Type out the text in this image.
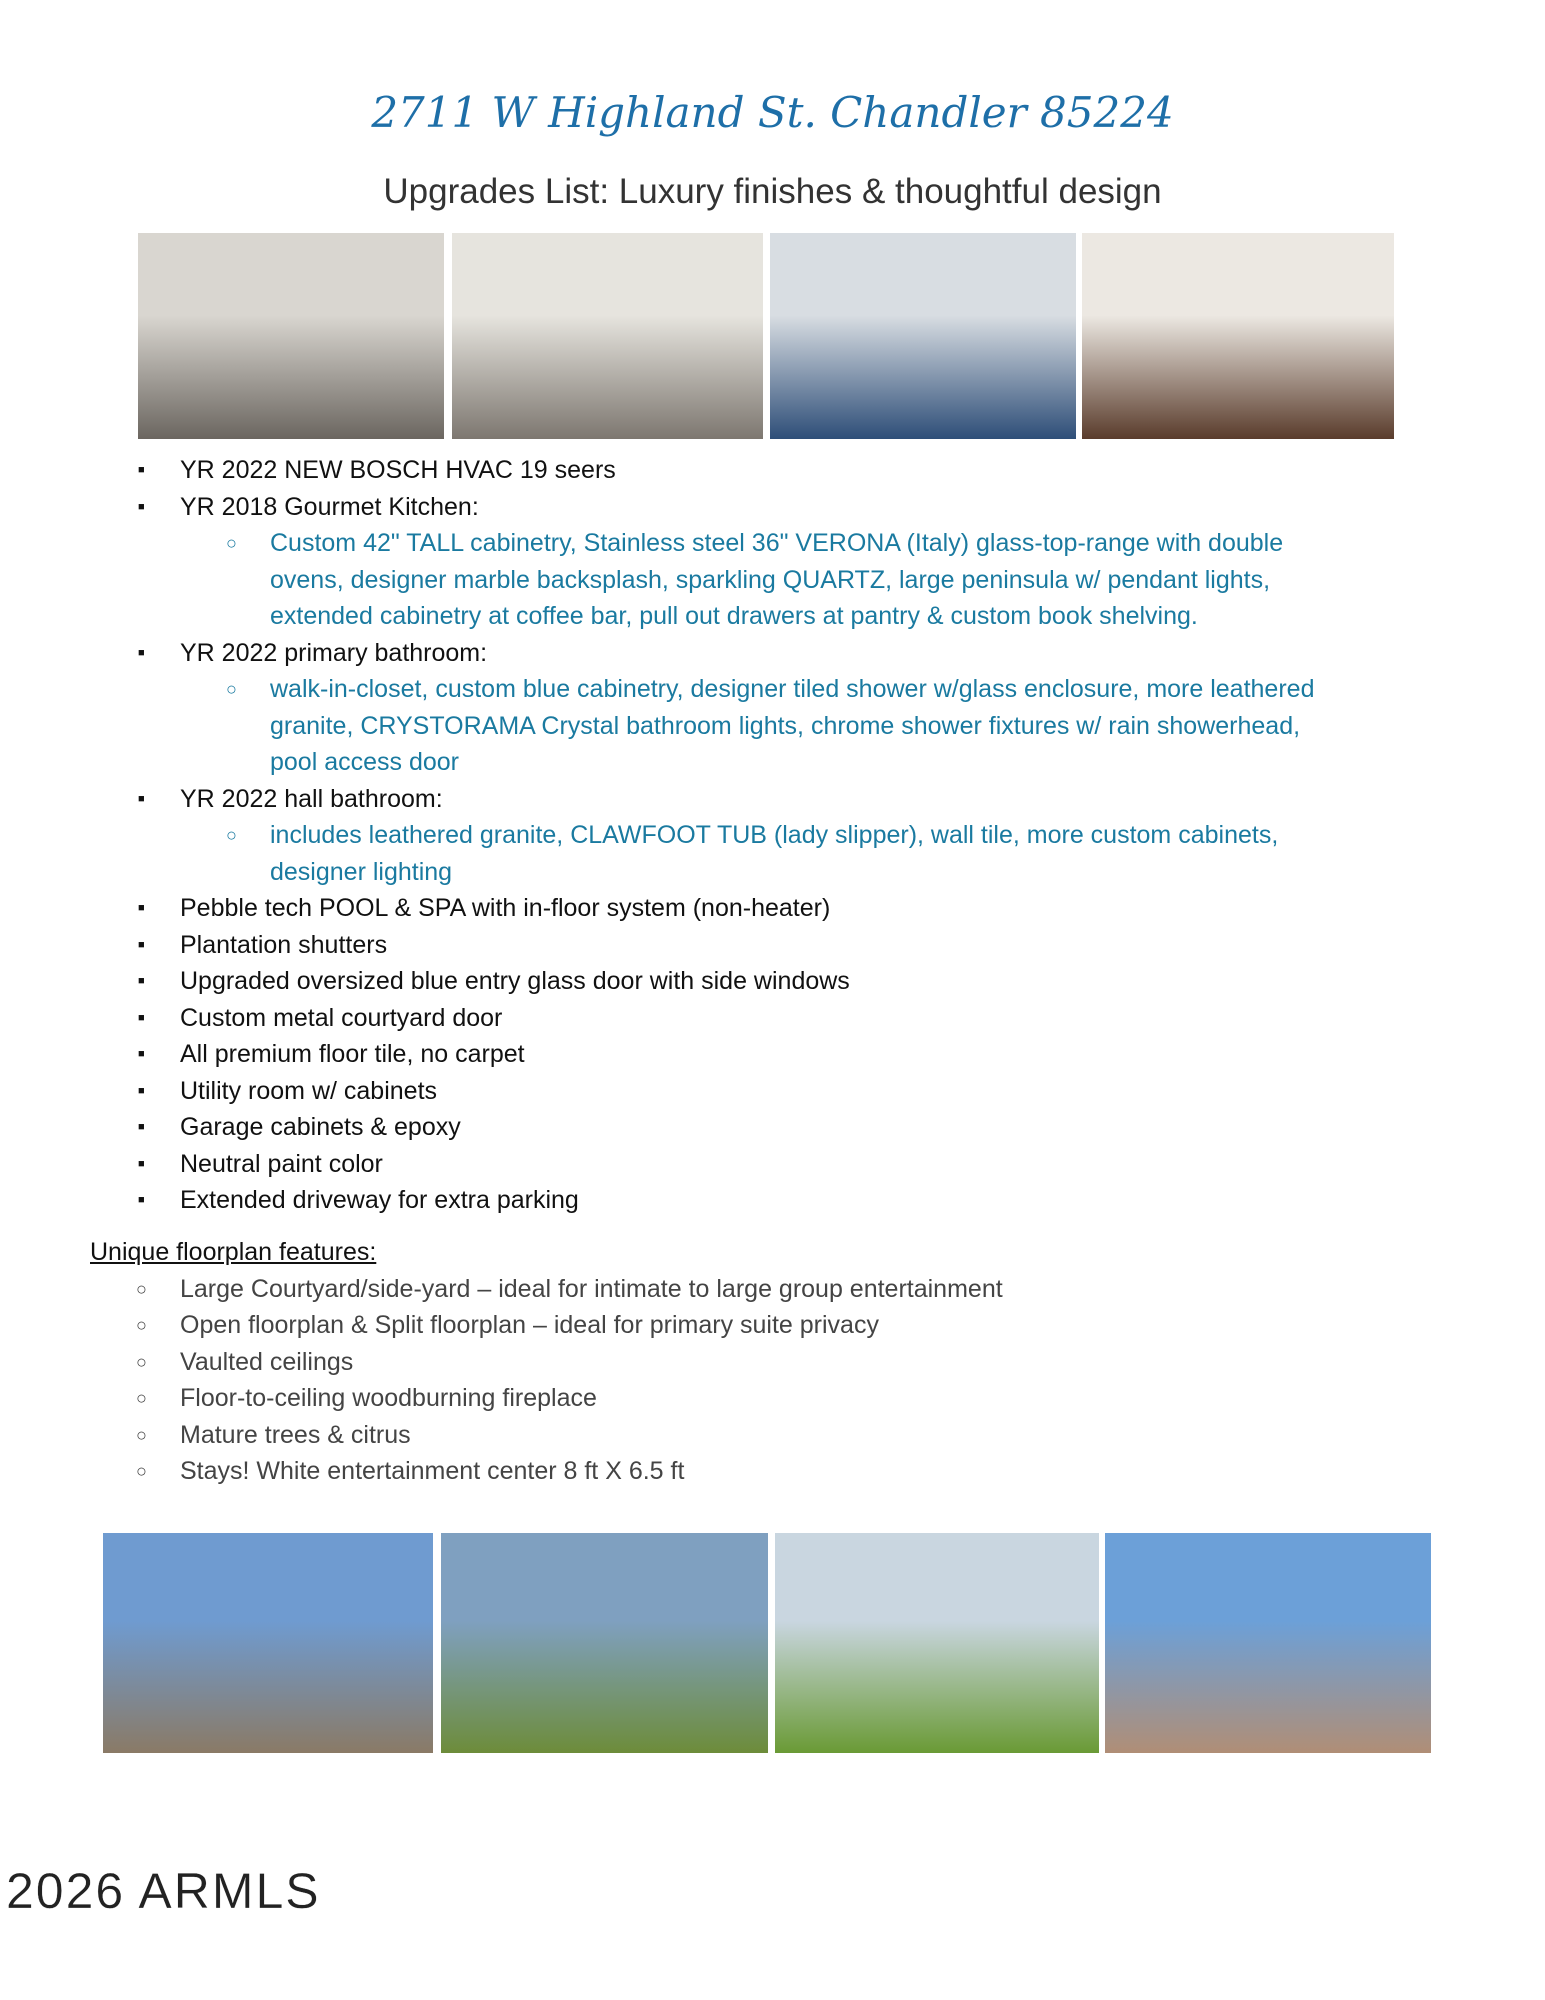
2711 W Highland St. Chandler 85224
Upgrades List: Luxury finishes & thoughtful design
■ YR 2022 NEW BOSCH HVAC 19 seers
■ YR 2018 Gourmet Kitchen:
○ Custom 42" TALL cabinetry, Stainless steel 36" VERONA (Italy) glass-top-range with double
ovens, designer marble backsplash, sparkling QUARTZ, large peninsula w/ pendant lights,
extended cabinetry at coffee bar, pull out drawers at pantry & custom book shelving.
■ YR 2022 primary bathroom:
○ walk-in-closet, custom blue cabinetry, designer tiled shower w/glass enclosure, more leathered
granite, CRYSTORAMA Crystal bathroom lights, chrome shower fixtures w/ rain showerhead,
pool access door
■ YR 2022 hall bathroom:
○ includes leathered granite, CLAWFOOT TUB (lady slipper), wall tile, more custom cabinets,
designer lighting
■ Pebble tech POOL & SPA with in-floor system (non-heater)
■ Plantation shutters
■ Upgraded oversized blue entry glass door with side windows
■ Custom metal courtyard door
■ All premium floor tile, no carpet
■ Utility room w/ cabinets
■ Garage cabinets & epoxy
■ Neutral paint color
■ Extended driveway for extra parking
Unique floorplan features:
○ Large Courtyard/side-yard – ideal for intimate to large group entertainment
○ Open floorplan & Split floorplan – ideal for primary suite privacy
○ Vaulted ceilings
○ Floor-to-ceiling woodburning fireplace
○ Mature trees & citrus
○ Stays! White entertainment center 8 ft X 6.5 ft
2026 ARMLS
